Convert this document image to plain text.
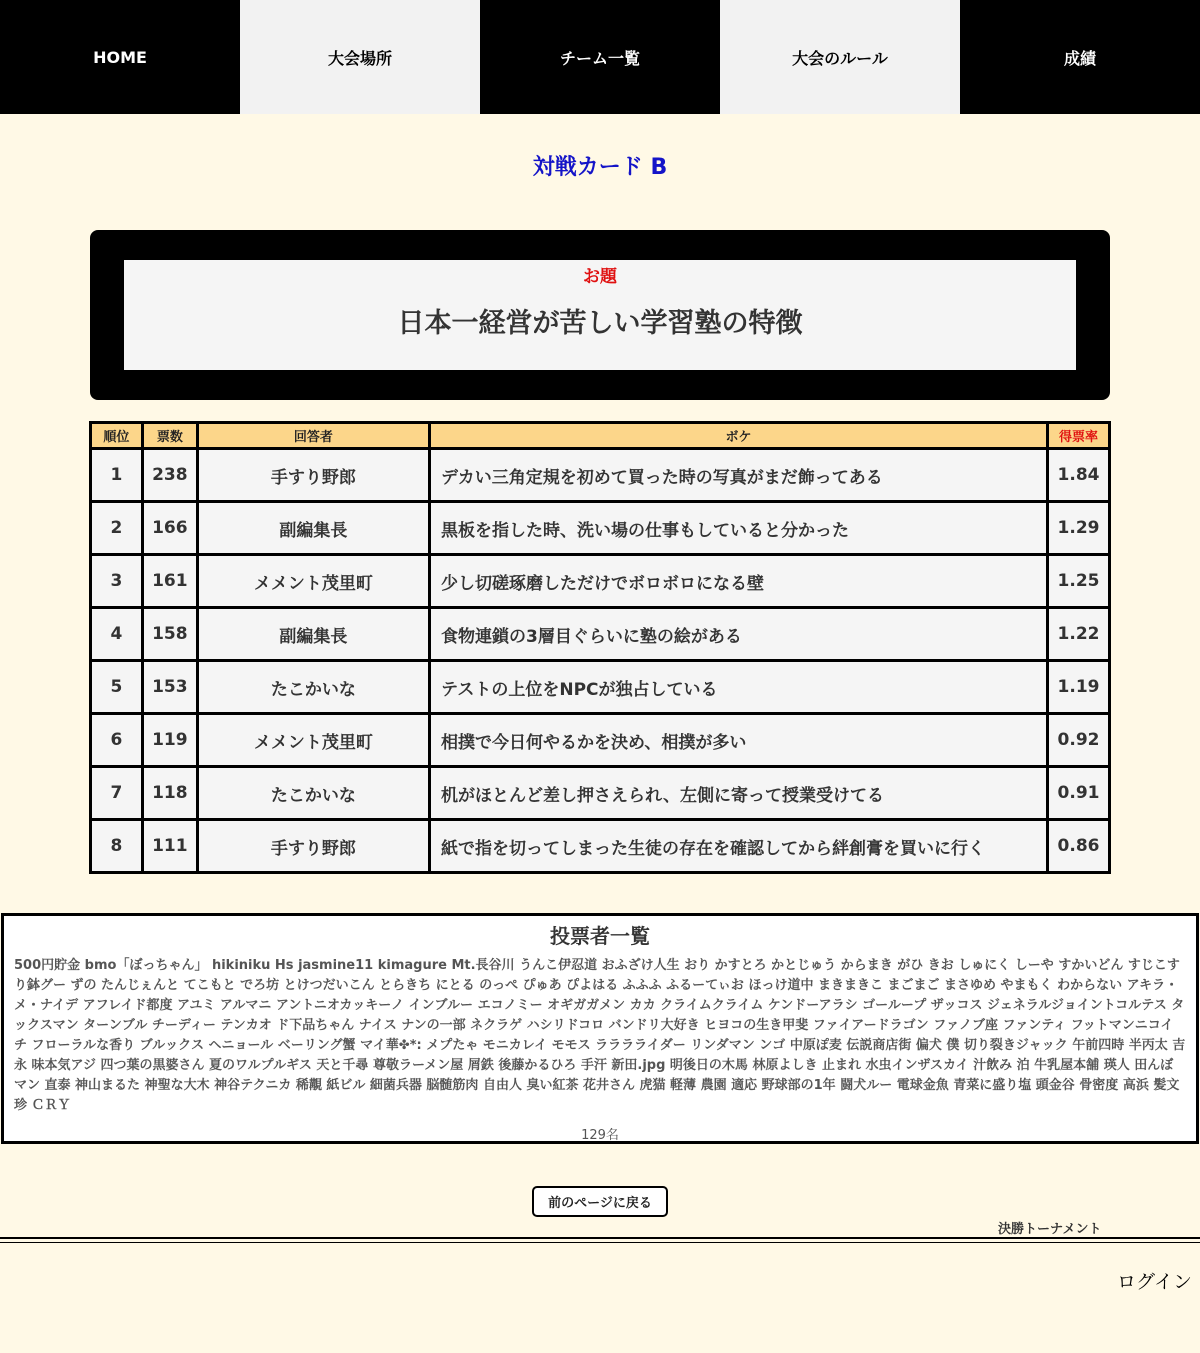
HOME	大会場所	チーム一覧	大会のルール	成績
対戦カード B
お題
日本一経営が苦しい学習塾の特徴
順位	票数	回答者	ボケ	得票率
1	238	手すり野郎	デカい三角定規を初めて買った時の写真がまだ飾ってある	1.84
2	166	副編集長	黒板を指した時、洗い場の仕事もしていると分かった	1.29
3	161	メメント茂里町	少し切磋琢磨しただけでボロボロになる壁	1.25
4	158	副編集長	食物連鎖の3層目ぐらいに塾の絵がある	1.22
5	153	たこかいな	テストの上位をNPCが独占している	1.19
6	119	メメント茂里町	相撲で今日何やるかを決め、相撲が多い	0.92
7	118	たこかいな	机がほとんど差し押さえられ、左側に寄って授業受けてる	0.91
8	111	手すり野郎	紙で指を切ってしまった生徒の存在を確認してから絆創膏を買いに行く	0.86
投票者一覧
500円貯金 bmo「ぼっちゃん」 hikiniku Hs jasmine11 kimagure Mt.長谷川 うんこ伊忍道 おふざけ人生 おり かすとろ かとじゅう からまき がひ きお しゅにく しーや すかいどん すじこすり鉢グー ずの たんじぇんと てこもと でろ坊 とけつだいこん とらきち にとる のっぺ ぴゅあ ぴよはる ふふふ ふるーてぃお ほっけ道中 まきまきこ まごまご まさゆめ やまもく わからない アキラ・メ・ナイデ アフレイド都度 アユミ アルマニ アントニオカッキーノ インブルー エコノミー オギガガメン カカ クライムクライム ケンドーアラシ ゴーループ ザッコス ジェネラルジョイントコルテス タックスマン ターンブル チーディー テンカオ ド下品ちゃん ナイス ナンの一部 ネクラゲ ハシリドコロ バンドリ大好き ヒヨコの生き甲斐 ファイアードラゴン ファノブ座 ファンティ フットマンニコイチ フローラルな香り ブルックス ヘニョール ベーリング蟹 マイ華✤*: メプたゃ モニカレイ モモス ラララライダー リンダマン ンゴ 中原ぽ麦 伝説商店街 偏犬 僕 切り裂きジャック 午前四時 半丙太 吉永 味本気アジ 四つ葉の黒婆さん 夏のワルプルギス 天と千尋 尊敬ラーメン屋 屑鉄 後藤かるひろ 手汗 新田.jpg 明後日の木馬 林原よしき 止まれ 水虫インザスカイ 汁飲み 泊 牛乳屋本舗 瑛人 田んぼマン 直泰 神山まるた 神聖な大木 神谷テクニカ 稀覯 紙ビル 細菌兵器 脳髄筋肉 自由人 臭い紅茶 花井さん 虎猫 軽薄 農園 適応 野球部の1年 闘犬ルー 電球金魚 青菜に盛り塩 頭金谷 骨密度 高浜 髪文珍 ＣＲＹ
129名
前のページに戻る
決勝トーナメント
ログイン
